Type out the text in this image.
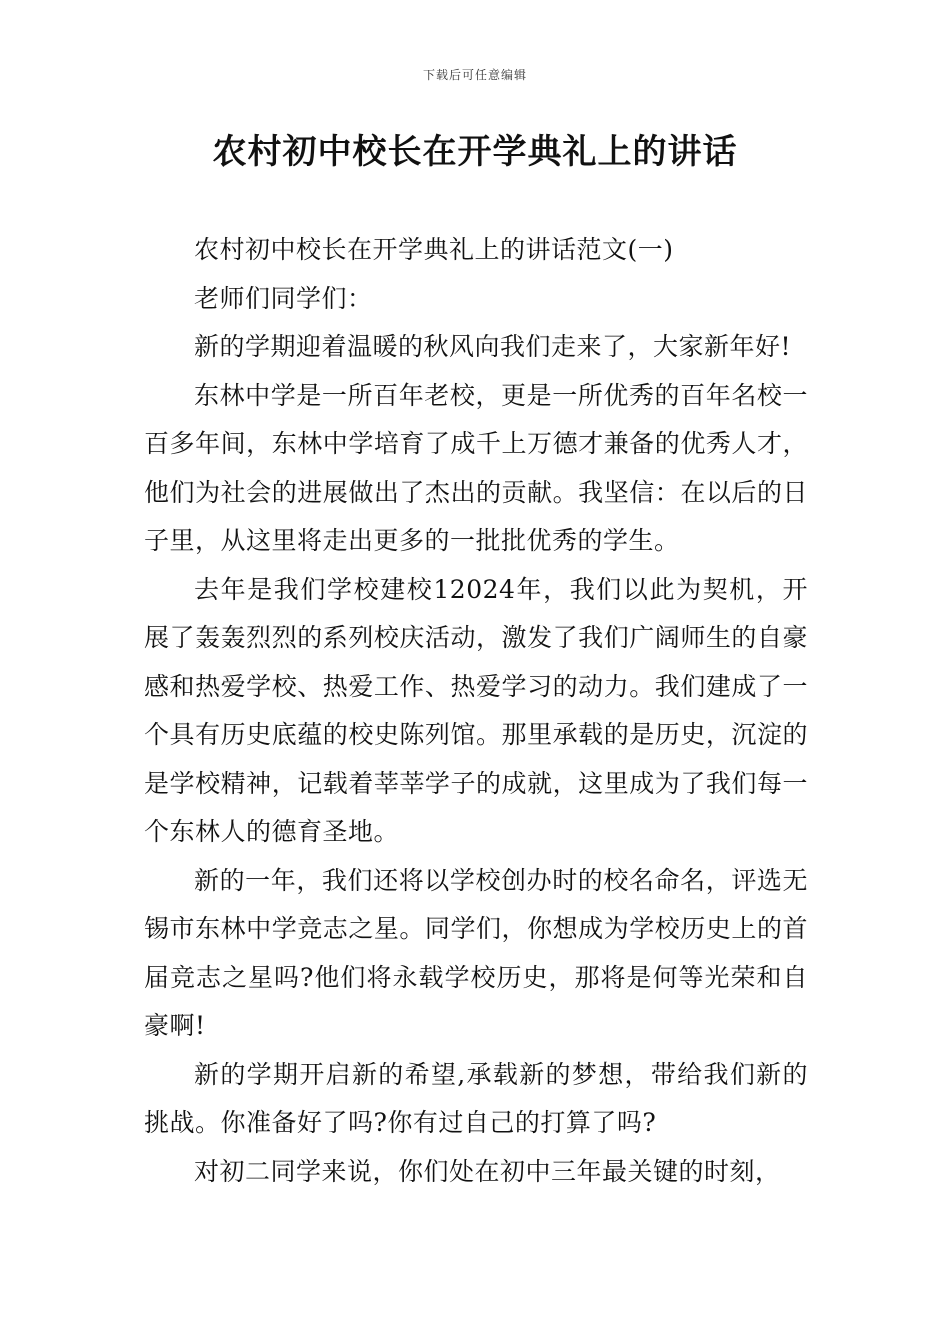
下载后可任意编辑
农村初中校长在开学典礼上的讲话

农村初中校长在开学典礼上的讲话范文(一)

老师们同学们：

新的学期迎着温暖的秋风向我们走来了，大家新年好!

东林中学是一所百年老校，更是一所优秀的百年名校一百多年间，东林中学培育了成千上万德才兼备的优秀人才，他们为社会的进展做出了杰出的贡献。我坚信：在以后的日子里，从这里将走出更多的一批批优秀的学生。

去年是我们学校建校12024年，我们以此为契机，开展了轰轰烈烈的系列校庆活动，激发了我们广阔师生的自豪感和热爱学校、热爱工作、热爱学习的动力。我们建成了一个具有历史底蕴的校史陈列馆。那里承载的是历史，沉淀的是学校精神，记载着莘莘学子的成就，这里成为了我们每一个东林人的德育圣地。

新的一年，我们还将以学校创办时的校名命名，评选无锡市东林中学竞志之星。同学们，你想成为学校历史上的首届竞志之星吗?他们将永载学校历史，那将是何等光荣和自豪啊!

新的学期开启新的希望,承载新的梦想，带给我们新的挑战。你准备好了吗?你有过自己的打算了吗?

对初二同学来说，你们处在初中三年最关键的时刻，
